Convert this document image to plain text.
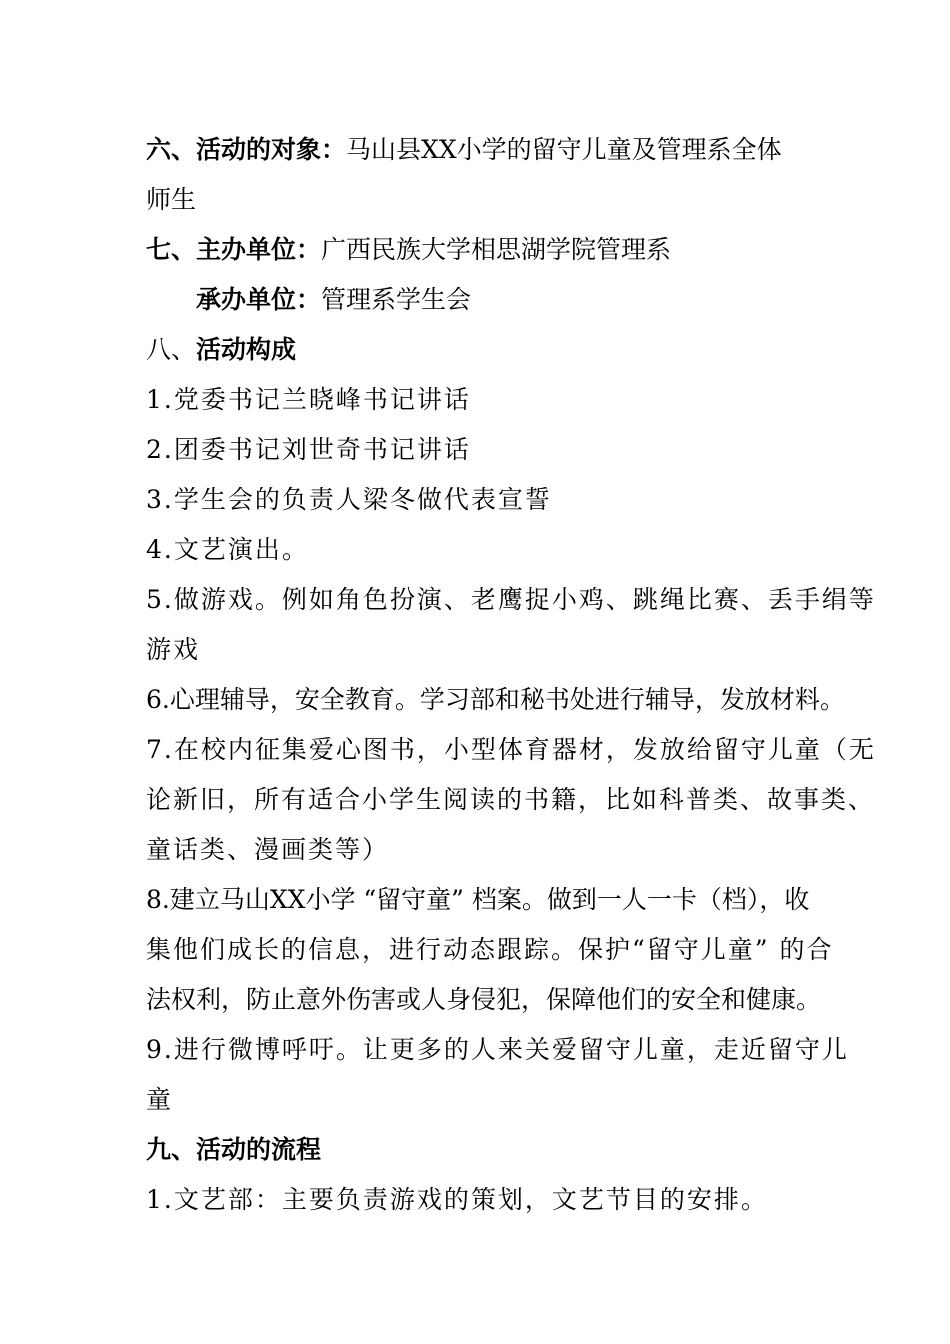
六、活动的对象：马山县XX小学的留守儿童及管理系全体
师生
七、主办单位：广西民族大学相思湖学院管理系
承办单位：管理系学生会
八、活动构成
1.党委书记兰晓峰书记讲话
2.团委书记刘世奇书记讲话
3.学生会的负责人梁冬做代表宣誓
4.文艺演出。
5.做游戏。例如角色扮演、老鹰捉小鸡、跳绳比赛、丢手绢等
游戏
6.心理辅导，安全教育。学习部和秘书处进行辅导，发放材料。
7.在校内征集爱心图书，小型体育器材，发放给留守儿童（无
论新旧，所有适合小学生阅读的书籍，比如科普类、故事类、
童话类、漫画类等）
8.建立马山XX小学 “留守童” 档案。做到一人一卡（档），收
集他们成长的信息，进行动态跟踪。保护“留守儿童” 的合
法权利，防止意外伤害或人身侵犯，保障他们的安全和健康。
9.进行微博呼吁。让更多的人来关爱留守儿童，走近留守儿
童
九、活动的流程
1.文艺部：主要负责游戏的策划，文艺节目的安排。
